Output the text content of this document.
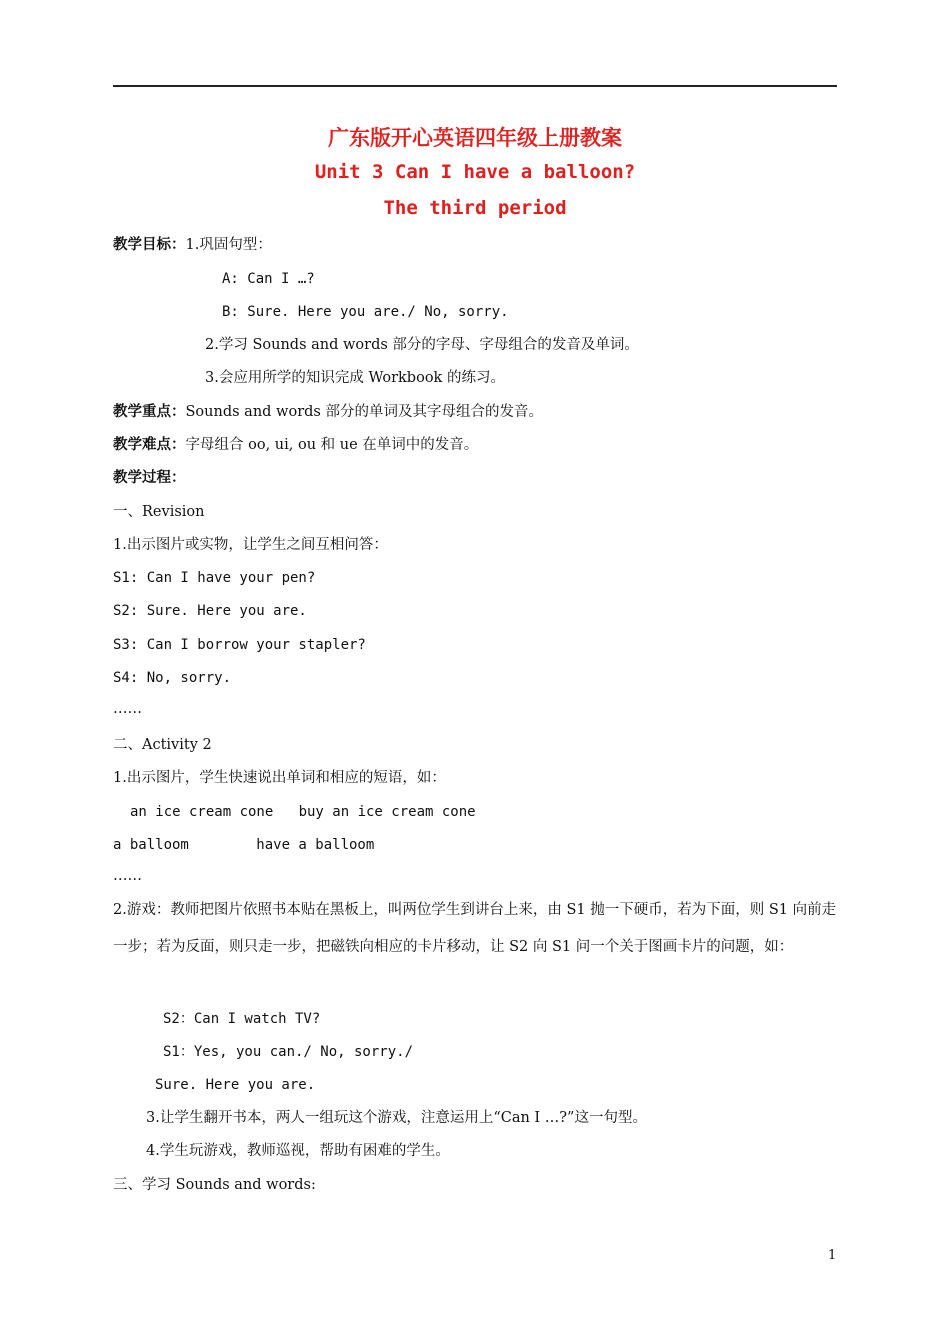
广东版开心英语四年级上册教案
Unit 3 Can I have a balloon?
The third period
教学目标：1.巩固句型：
A: Can I …?
B: Sure. Here you are./ No, sorry.
2.学习 Sounds and words 部分的字母、字母组合的发音及单词。
3.会应用所学的知识完成 Workbook 的练习。
教学重点：Sounds and words 部分的单词及其字母组合的发音。
教学难点：字母组合 oo, ui, ou 和 ue 在单词中的发音。
教学过程：
一、Revision
1.出示图片或实物，让学生之间互相问答：
S1: Can I have your pen?
S2: Sure. Here you are.
S3: Can I borrow your stapler?
S4: No, sorry.
……
二、Activity 2
1.出示图片，学生快速说出单词和相应的短语，如：
an ice cream cone   buy an ice cream cone
a balloom        have a balloom
……
2.游戏：教师把图片依照书本贴在黑板上，叫两位学生到讲台上来，由 S1 抛一下硬币，若为下面，则 S1 向前走一步；若为反面，则只走一步，把磁铁向相应的卡片移动，让 S2 向 S1 问一个关于图画卡片的问题，如：
S2：Can I watch TV?
S1：Yes, you can./ No, sorry./
Sure. Here you are.
3.让学生翻开书本，两人一组玩这个游戏，注意运用上“Can I …?”这一句型。
4.学生玩游戏，教师巡视，帮助有困难的学生。
三、学习 Sounds and words:
1
